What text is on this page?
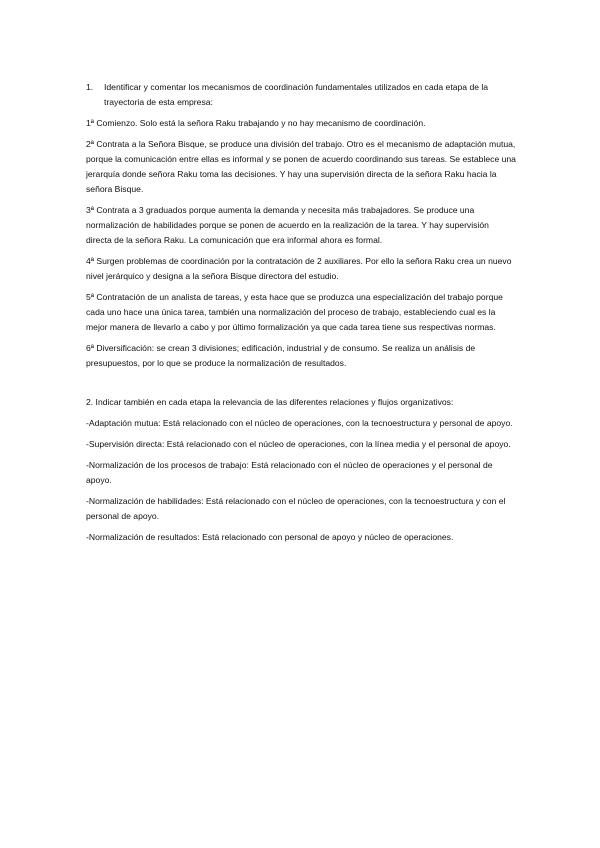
1.	Identificar y comentar los mecanismos de coordinación fundamentales utilizados en cada etapa de la trayectoria de esta empresa:

1ª Comienzo. Solo está la señora Raku trabajando y no hay mecanismo de coordinación.

2ª Contrata a la Señora Bisque, se produce una división del trabajo. Otro es el mecanismo de adaptación mutua, porque la comunicación entre ellas es informal y se ponen de acuerdo coordinando sus tareas. Se establece una jerarquía donde señora Raku toma las decisiones. Y hay una supervisión directa de la señora Raku hacia la señora Bisque.

3ª Contrata a 3 graduados porque aumenta la demanda y necesita más trabajadores. Se produce una normalización de habilidades porque se ponen de acuerdo en la realización de la tarea. Y hay supervisión directa de la señora Raku. La comunicación que era informal ahora es formal.

4ª Surgen problemas de coordinación por la contratación de 2 auxiliares. Por ello la señora Raku crea un nuevo nivel jerárquico y designa a la señora Bisque directora del estudio.

5ª Contratación de un analista de tareas, y esta hace que se produzca una especialización del trabajo porque cada uno hace una única tarea, también una normalización del proceso de trabajo, estableciendo cual es la mejor manera de llevarlo a cabo y por último formalización ya que cada tarea tiene sus respectivas normas.

6ª Diversificación: se crean 3 divisiones; edificación, industrial y de consumo. Se realiza un análisis de presupuestos, por lo que se produce la normalización de resultados.

2. Indicar también en cada etapa la relevancia de las diferentes relaciones y flujos organizativos:

-Adaptación mutua: Está relacionado con el núcleo de operaciones, con la tecnoestructura y personal de apoyo.

-Supervisión directa: Está relacionado con el núcleo de operaciones, con la línea media y el personal de apoyo.

-Normalización de los procesos de trabajo: Está relacionado con el núcleo de operaciones y el personal de apoyo.

-Normalización de habilidades: Está relacionado con el núcleo de operaciones, con la tecnoestructura y con el personal de apoyo.

-Normalización de resultados: Está relacionado con personal de apoyo y núcleo de operaciones.
